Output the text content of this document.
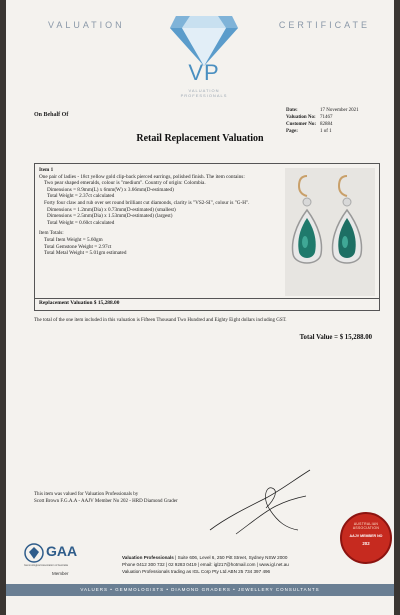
VALUATION	CERTIFICATE
VP
VALUATION PROFESSIONALS
On Behalf Of
Date:	17 November 2021
Valuation No: 71467
Customer No: 82884
Page:	1 of 1
Retail Replacement Valuation
Item 1
One pair of ladies - 18ct yellow gold clip-back pierced earrings, polished finish. The item contains:
Two pear shaped emeralds, colour is "medium". Country of origin: Colombia.
Dimensions = 8.9mm(L) x 6mm(W) x 3.66mm(D-estimated)
Total Weight = 2.37ct calculated
Forty four claw and rub over set round brilliant cut diamonds, clarity is "VS2-SI", colour is "G-H".
Dimensions = 1.2mm(Dia) x 0.73mm(D-estimated) (smallest)
Dimensions = 2.5mm(Dia) x 1.53mm(D-estimated) (largest)
Total Weight = 0.60ct calculated
Item Totals:
Total Item Weight = 5.60gm
Total Gemstone Weight = 2.97ct
Total Metal Weight = 5.01gm estimated
Replacement Valuation $ 15,288.00
The total of the one item included in this valuation is Fifteen Thousand Two Hundred and Eighty Eight dollars including GST.
Total Value = $ 15,288.00
This item was valued for Valuation Professionals by
Scott Brown F.G.A.A - AAJV Member No 202 - HRD Diamond Grader
AUSTRALIAN ASSOCIATION
AAJV MEMBER NO
202
GAA
Gemmological Association of Australia
Member
Valuation Professionals | Suite 606, Level 6, 250 Pitt Street, Sydney NSW 2000
Phone 0412 300 732 | 02 9283 0419 | email: igl217@hotmail.com | www.igl.net.au
Valuation Professionals trading as IGL Corp Pty Ltd ABN 25 734 397 496
VALUERS • GEMMOLOGISTS • DIAMOND GRADERS • JEWELLERY CONSULTANTS
